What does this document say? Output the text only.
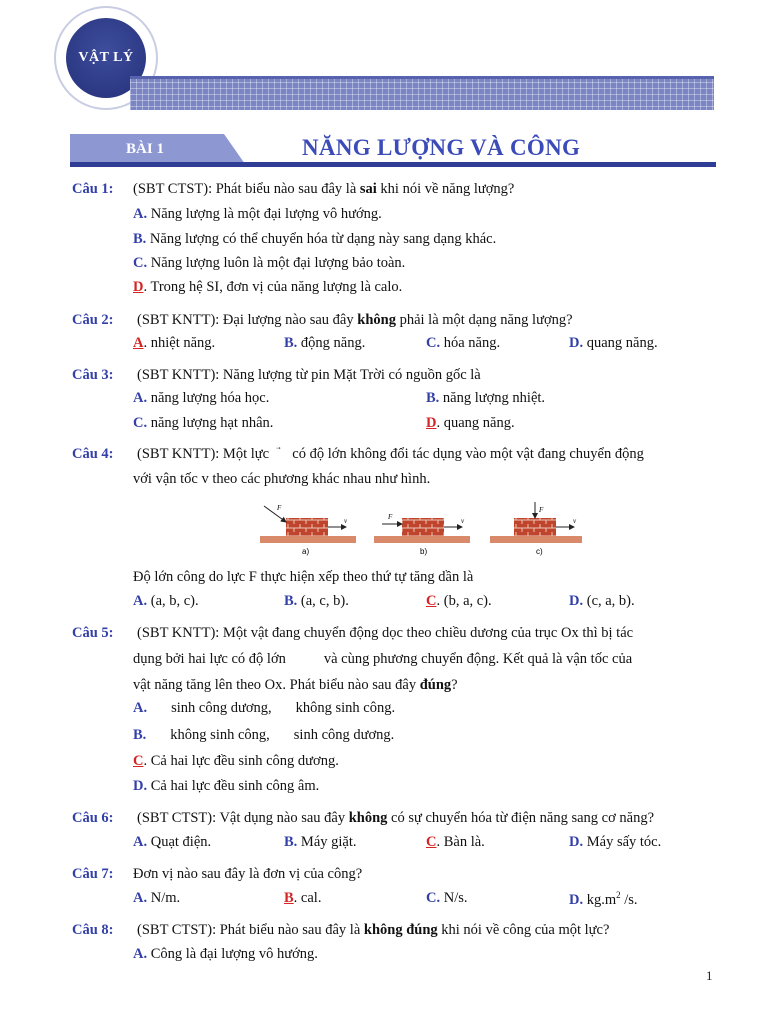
VẬT LÝ
BÀI 1	NĂNG LƯỢNG VÀ CÔNG
Câu 1: (SBT CTST): Phát biểu nào sau đây là sai khi nói về năng lượng?
A. Năng lượng là một đại lượng vô hướng.
B. Năng lượng có thể chuyển hóa từ dạng này sang dạng khác.
C. Năng lượng luôn là một đại lượng bảo toàn.
D. Trong hệ SI, đơn vị của năng lượng là calo.
Câu 2: (SBT KNTT): Đại lượng nào sau đây không phải là một dạng năng lượng?
A. nhiệt năng.	B. động năng.	C. hóa năng.	D. quang năng.
Câu 3: (SBT KNTT): Năng lượng từ pin Mặt Trời có nguồn gốc là
A. năng lượng hóa học.	B. năng lượng nhiệt.
C. năng lượng hạt nhân.	D. quang năng.
Câu 4: (SBT KNTT): Một lực  có độ lớn không đổi tác dụng vào một vật đang chuyển động
với vận tốc v theo các phương khác nhau như hình.
F
v
a)
F	v
b)
F
v
c)
Độ lớn công do lực F thực hiện xếp theo thứ tự tăng dần là
A. (a, b, c).	B. (a, c, b).	C. (b, a, c).	D. (c, a, b).
Câu 5: (SBT KNTT): Một vật đang chuyển động dọc theo chiều dương của trục Ox thì bị tác
dụng bởi hai lực có độ lớn	và cùng phương chuyển động. Kết quả là vận tốc của
vật năng tăng lên theo Ox. Phát biểu nào sau đây đúng?
A. sinh công dương, không sinh công.
B. không sinh công, sinh công dương.
C. Cả hai lực đều sinh công dương.
D. Cả hai lực đều sinh công âm.
Câu 6: (SBT CTST): Vật dụng nào sau đây không có sự chuyển hóa từ điện năng sang cơ năng?
A. Quạt điện.	B. Máy giặt.	C. Bàn là.	D. Máy sấy tóc.
Câu 7: Đơn vị nào sau đây là đơn vị của công?
A. N/m.	B. cal.	C. N/s.	D. $kg.m^2$ /s.
Câu 8: (SBT CTST): Phát biểu nào sau đây là không đúng khi nói về công của một lực?
A. Công là đại lượng vô hướng.
1
